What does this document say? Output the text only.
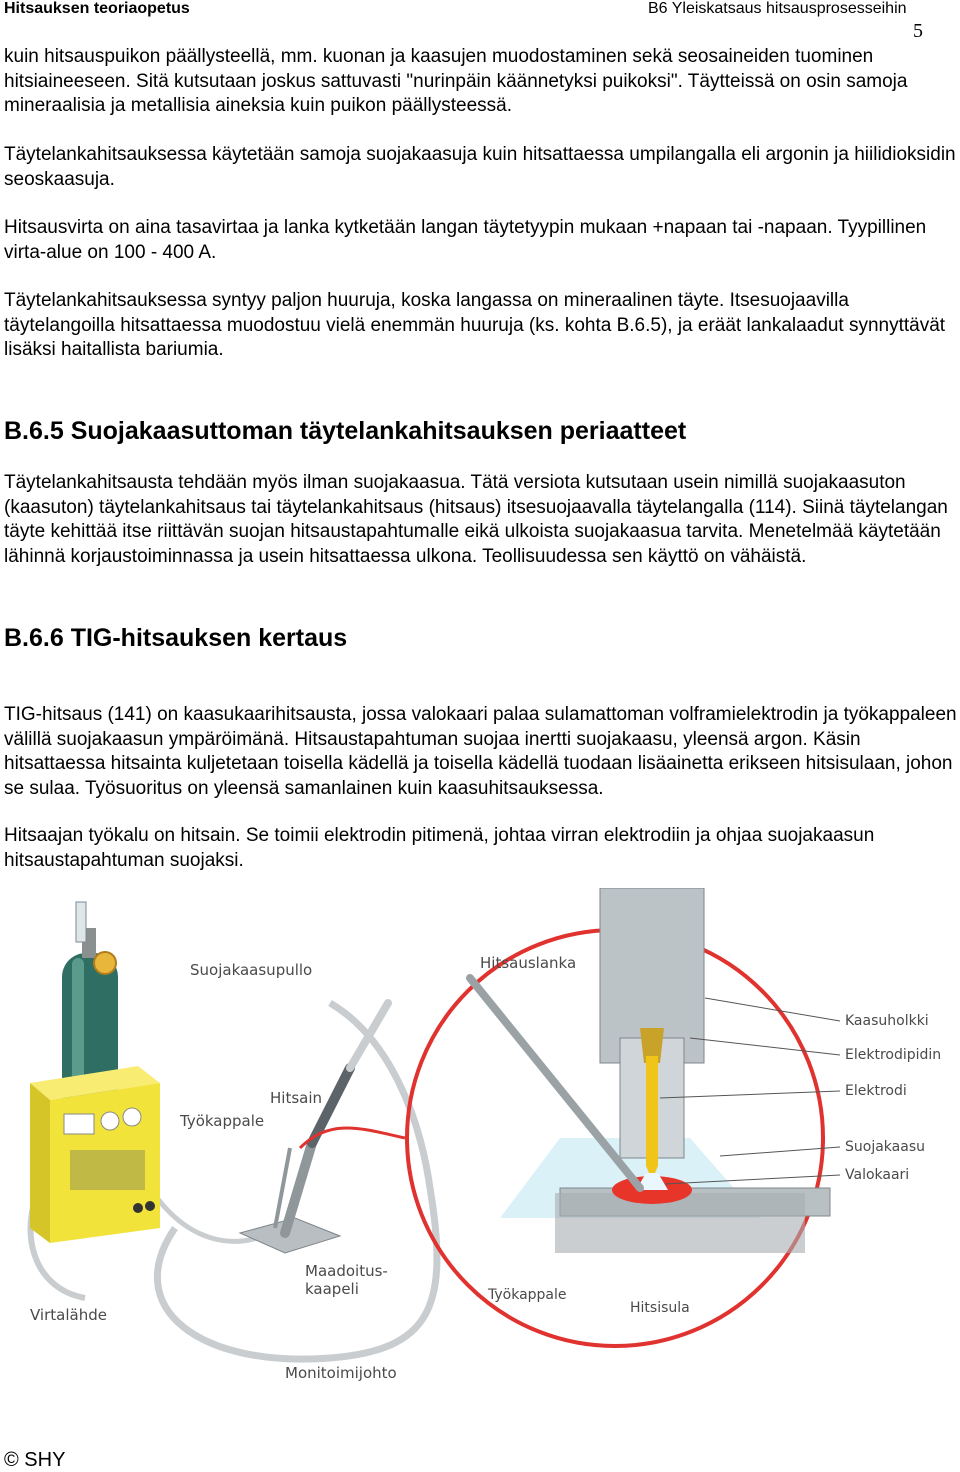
Hitsauksen teoriaopetus	B6 Yleiskatsaus hitsausprosesseihin
5

kuin hitsauspuikon päällysteellä, mm. kuonan ja kaasujen muodostaminen sekä seosaineiden tuominen hitsiaineeseen. Sitä kutsutaan joskus sattuvasti "nurinpäin käännetyksi puikoksi". Täytteissä on osin samoja mineraalisia ja metallisia aineksia kuin puikon päällysteessä.

Täytelankahitsauksessa käytetään samoja suojakaasuja kuin hitsattaessa umpilangalla eli argonin ja hiilidioksidin seoskaasuja.

Hitsausvirta on aina tasavirtaa ja lanka kytketään langan täytetyypin mukaan +napaan tai -napaan. Tyypillinen virta-alue on 100 - 400 A.

Täytelankahitsauksessa syntyy paljon huuruja, koska langassa on mineraalinen täyte. Itsesuojaavilla täytelangoilla hitsattaessa muodostuu vielä enemmän huuruja (ks. kohta B.6.5), ja eräät lankalaadut synnyttävät lisäksi haitallista bariumia.

B.6.5 Suojakaasuttoman täytelankahitsauksen periaatteet

Täytelankahitsausta tehdään myös ilman suojakaasua. Tätä versiota kutsutaan usein nimillä suojakaasuton (kaasuton) täytelankahitsaus tai täytelankahitsaus (hitsaus) itsesuojaavalla täytelangalla (114). Siinä täytelangan täyte kehittää itse riittävän suojan hitsaustapahtumalle eikä ulkoista suojakaasua tarvita. Menetelmää käytetään lähinnä korjaustoiminnassa ja usein hitsattaessa ulkona. Teollisuudessa sen käyttö on vähäistä.

B.6.6 TIG-hitsauksen kertaus

TIG-hitsaus (141) on kaasukaarihitsausta, jossa valokaari palaa sulamattoman volframielektrodin ja työkappaleen välillä suojakaasun ympäröimänä. Hitsaustapahtuman suojaa inertti suojakaasu, yleensä argon. Käsin hitsattaessa hitsainta kuljetetaan toisella kädellä ja toisella kädellä tuodaan lisäainetta erikseen hitsisulaan, johon se sulaa. Työsuoritus on yleensä samanlainen kuin kaasuhitsauksessa.

Hitsaajan työkalu on hitsain. Se toimii elektrodin pitimenä, johtaa virran elektrodiin ja ohjaa suojakaasun hitsaustapahtuman suojaksi.

Suojakaasupullo
Työkappale
Hitsain
Maadoitus-
kaapeli
Virtalähde
Monitoimijohto
Hitsauslanka
Kaasuholkki
Elektrodipidin
Elektrodi
Suojakaasu
Valokaari
Työkappale
Hitsisula
© SHY
